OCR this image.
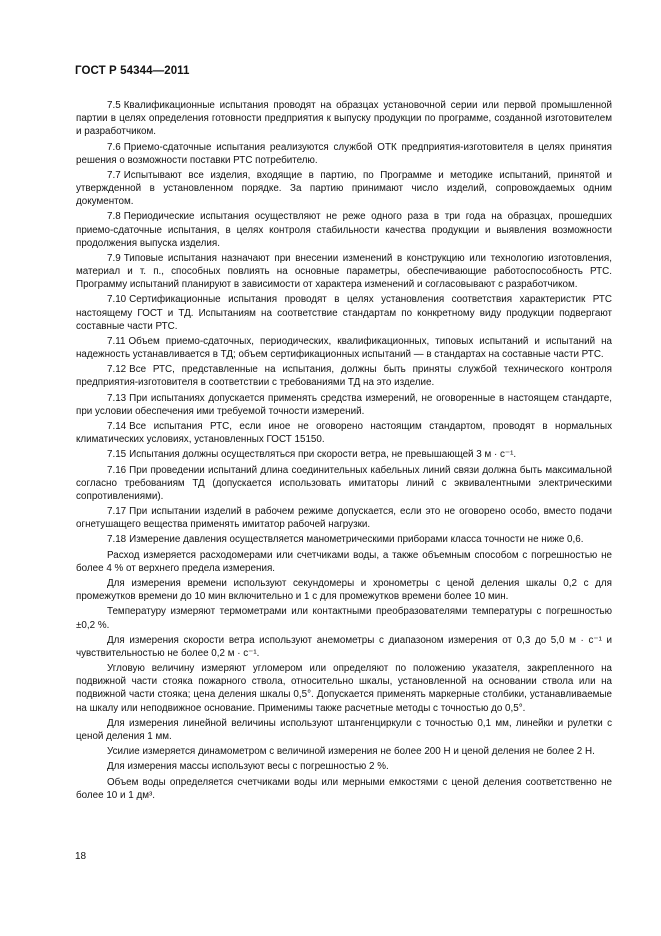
ГОСТ Р 54344—2011

7.5 Квалификационные испытания проводят на образцах установочной серии или первой промышленной партии в целях определения готовности предприятия к выпуску продукции по программе, созданной изготовителем и разработчиком.

7.6 Приемо-сдаточные испытания реализуются службой ОТК предприятия-изготовителя в целях принятия решения о возможности поставки РТС потребителю.

7.7 Испытывают все изделия, входящие в партию, по Программе и методике испытаний, принятой и утвержденной в установленном порядке. За партию принимают число изделий, сопровождаемых одним документом.

7.8 Периодические испытания осуществляют не реже одного раза в три года на образцах, прошедших приемо-сдаточные испытания, в целях контроля стабильности качества продукции и выявления возможности продолжения выпуска изделия.

7.9 Типовые испытания назначают при внесении изменений в конструкцию или технологию изготовления, материал и т. п., способных повлиять на основные параметры, обеспечивающие работоспособность РТС. Программу испытаний планируют в зависимости от характера изменений и согласовывают с разработчиком.

7.10 Сертификационные испытания проводят в целях установления соответствия характеристик РТС настоящему ГОСТ и ТД. Испытаниям на соответствие стандартам по конкретному виду продукции подвергают составные части РТС.

7.11 Объем приемо-сдаточных, периодических, квалификационных, типовых испытаний и испытаний на надежность устанавливается в ТД; объем сертификационных испытаний — в стандартах на составные части РТС.

7.12 Все РТС, представленные на испытания, должны быть приняты службой технического контроля предприятия-изготовителя в соответствии с требованиями ТД на это изделие.

7.13 При испытаниях допускается применять средства измерений, не оговоренные в настоящем стандарте, при условии обеспечения ими требуемой точности измерений.

7.14 Все испытания РТС, если иное не оговорено настоящим стандартом, проводят в нормальных климатических условиях, установленных ГОСТ 15150.

7.15 Испытания должны осуществляться при скорости ветра, не превышающей 3 м · с⁻¹.

7.16 При проведении испытаний длина соединительных кабельных линий связи должна быть максимальной согласно требованиям ТД (допускается использовать имитаторы линий с эквивалентными электрическими сопротивлениями).

7.17 При испытании изделий в рабочем режиме допускается, если это не оговорено особо, вместо подачи огнетушащего вещества применять имитатор рабочей нагрузки.

7.18 Измерение давления осуществляется манометрическими приборами класса точности не ниже 0,6.

Расход измеряется расходомерами или счетчиками воды, а также объемным способом с погрешностью не более 4 % от верхнего предела измерения.

Для измерения времени используют секундомеры и хронометры с ценой деления шкалы 0,2 с для промежутков времени до 10 мин включительно и 1 с для промежутков времени более 10 мин.

Температуру измеряют термометрами или контактными преобразователями температуры с погрешностью ±0,2 %.

Для измерения скорости ветра используют анемометры с диапазоном измерения от 0,3 до 5,0 м · с⁻¹ и чувствительностью не более 0,2 м · с⁻¹.

Угловую величину измеряют угломером или определяют по положению указателя, закрепленного на подвижной части стояка пожарного ствола, относительно шкалы, установленной на основании ствола или на подвижной части стояка; цена деления шкалы 0,5°. Допускается применять маркерные столбики, устанавливаемые на шкалу или неподвижное основание. Применимы также расчетные методы с точностью до 0,5°.

Для измерения линейной величины используют штангенциркули с точностью 0,1 мм, линейки и рулетки с ценой деления 1 мм.

Усилие измеряется динамометром с величиной измерения не более 200 Н и ценой деления не более 2 Н.

Для измерения массы используют весы с погрешностью 2 %.

Объем воды определяется счетчиками воды или мерными емкостями с ценой деления соответственно не более 10 и 1 дм³.

18
